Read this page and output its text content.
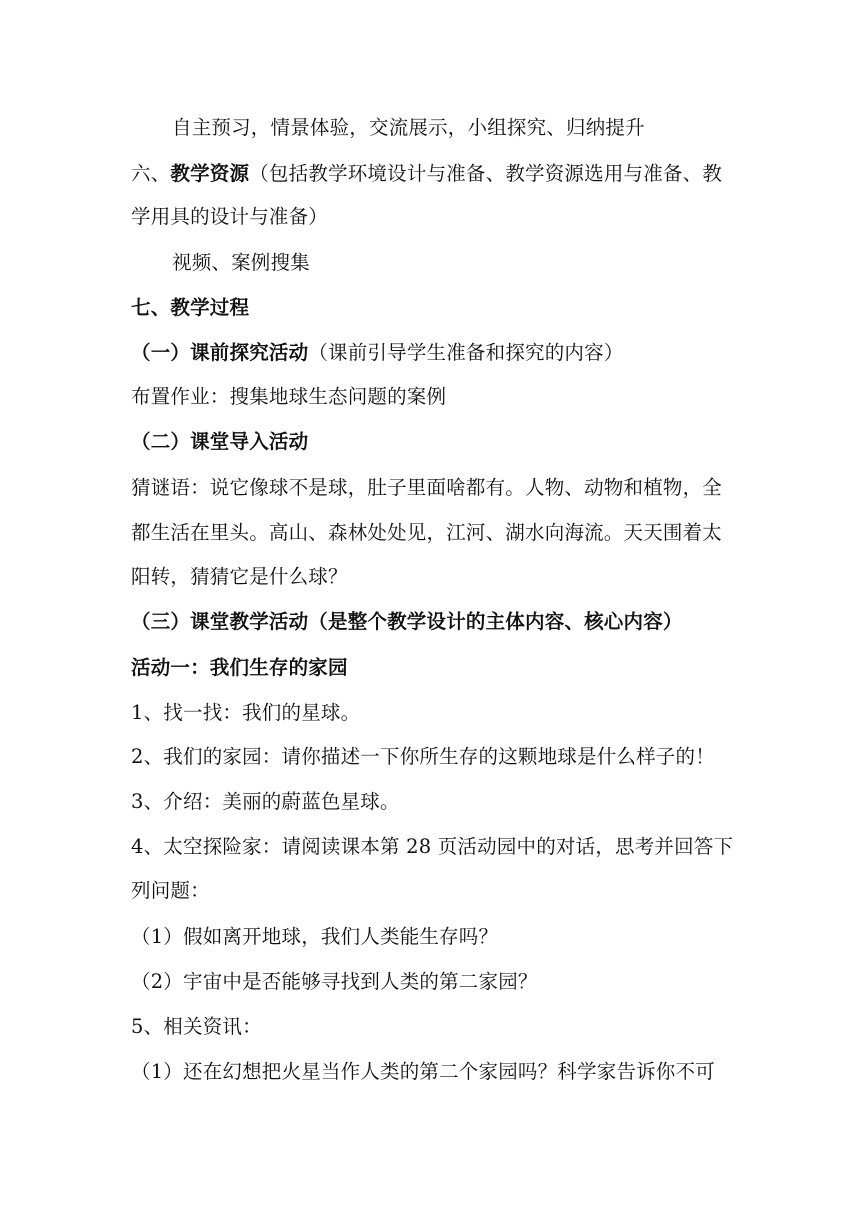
自主预习，情景体验，交流展示，小组探究、归纳提升
六、教学资源（包括教学环境设计与准备、教学资源选用与准备、教
学用具的设计与准备）
视频、案例搜集
七、教学过程
（一）课前探究活动（课前引导学生准备和探究的内容）
布置作业：搜集地球生态问题的案例
（二）课堂导入活动
猜谜语：说它像球不是球，肚子里面啥都有。人物、动物和植物，全
都生活在里头。高山、森林处处见，江河、湖水向海流。天天围着太
阳转，猜猜它是什么球？
（三）课堂教学活动（是整个教学设计的主体内容、核心内容）
活动一：我们生存的家园
1、找一找：我们的星球。
2、我们的家园：请你描述一下你所生存的这颗地球是什么样子的！
3、介绍：美丽的蔚蓝色星球。
4、太空探险家：请阅读课本第 28 页活动园中的对话，思考并回答下
列问题：
（1）假如离开地球，我们人类能生存吗？
（2）宇宙中是否能够寻找到人类的第二家园？
5、相关资讯：
（1）还在幻想把火星当作人类的第二个家园吗？科学家告诉你不可
